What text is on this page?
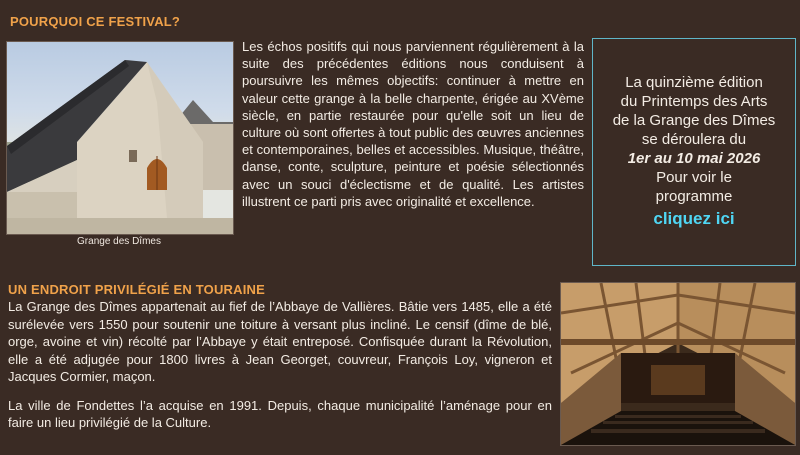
POURQUOI CE FESTIVAL?
Grange des Dîmes
Les échos positifs qui nous parviennent régulièrement à la suite des précédentes éditions nous conduisent à poursuivre les mêmes objectifs: continuer à mettre en valeur cette grange à la belle charpente, érigée au XVème siècle, en partie restaurée pour qu'elle soit un lieu de culture où sont offertes à tout public des œuvres anciennes et contemporaines, belles et accessibles. Musique, théâtre, danse, conte, sculpture, peinture et poésie sélectionnés avec un souci d'éclectisme et de qualité. Les artistes illustrent ce parti pris avec originalité et excellence.
La quinzième édition
du Printemps des Arts
de la Grange des Dîmes
se déroulera du
1er au 10 mai 2026
Pour voir le
programme
cliquez ici
UN ENDROIT PRIVILÉGIÉ EN TOURAINE

La Grange des Dîmes appartenait au fief de l’Abbaye de Vallières. Bâtie vers 1485, elle a été surélevée vers 1550 pour soutenir une toiture à versant plus incliné. Le censif (dîme de blé, orge, avoine et vin) récolté par l’Abbaye y était entreposé. Confisquée durant la Révolution, elle a été adjugée pour 1800 livres à Jean Georget, couvreur, François Loy, vigneron et Jacques Cormier, maçon.

La ville de Fondettes l’a acquise en 1991. Depuis, chaque municipalité l’aménage pour en faire un lieu privilégié de la Culture.
